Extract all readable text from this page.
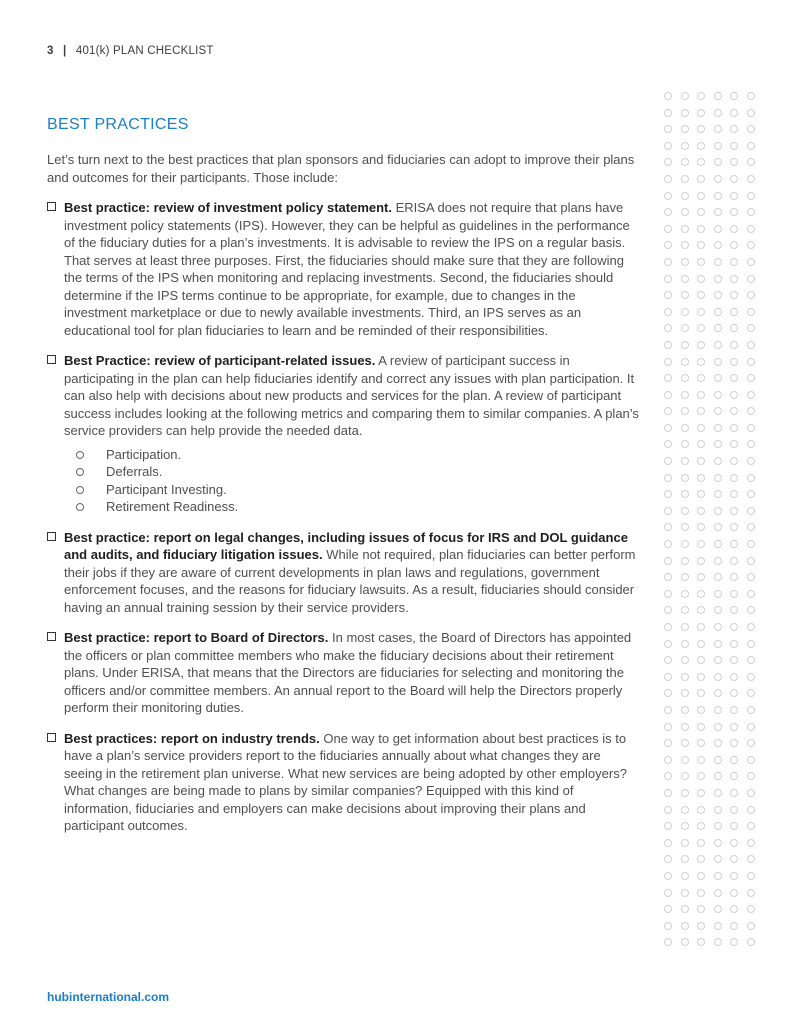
3 | 401(k) PLAN CHECKLIST
BEST PRACTICES

Let’s turn next to the best practices that plan sponsors and fiduciaries can adopt to improve their plans and outcomes for their participants. Those include:

Best practice: review of investment policy statement. ERISA does not require that plans have investment policy statements (IPS). However, they can be helpful as guidelines in the performance of the fiduciary duties for a plan’s investments. It is advisable to review the IPS on a regular basis. That serves at least three purposes. First, the fiduciaries should make sure that they are following the terms of the IPS when monitoring and replacing investments. Second, the fiduciaries should determine if the IPS terms continue to be appropriate, for example, due to changes in the investment marketplace or due to newly available investments. Third, an IPS serves as an educational tool for plan fiduciaries to learn and be reminded of their responsibilities.
Best Practice: review of participant-related issues. A review of participant success in participating in the plan can help fiduciaries identify and correct any issues with plan participation. It can also help with decisions about new products and services for the plan. A review of participant success includes looking at the following metrics and comparing them to similar companies. A plan’s service providers can help provide the needed data.
Participation.
Deferrals.
Participant Investing.
Retirement Readiness.
Best practice: report on legal changes, including issues of focus for IRS and DOL guidance and audits, and fiduciary litigation issues. While not required, plan fiduciaries can better perform their jobs if they are aware of current developments in plan laws and regulations, government enforcement focuses, and the reasons for fiduciary lawsuits. As a result, fiduciaries should consider having an annual training session by their service providers.
Best practice: report to Board of Directors. In most cases, the Board of Directors has appointed the officers or plan committee members who make the fiduciary decisions about their retirement plans. Under ERISA, that means that the Directors are fiduciaries for selecting and monitoring the officers and/or committee members. An annual report to the Board will help the Directors properly perform their monitoring duties.
Best practices: report on industry trends. One way to get information about best practices is to have a plan’s service providers report to the fiduciaries annually about what changes they are seeing in the retirement plan universe. What new services are being adopted by other employers? What changes are being made to plans by similar companies? Equipped with this kind of information, fiduciaries and employers can make decisions about improving their plans and participant outcomes.
hubinternational.com
